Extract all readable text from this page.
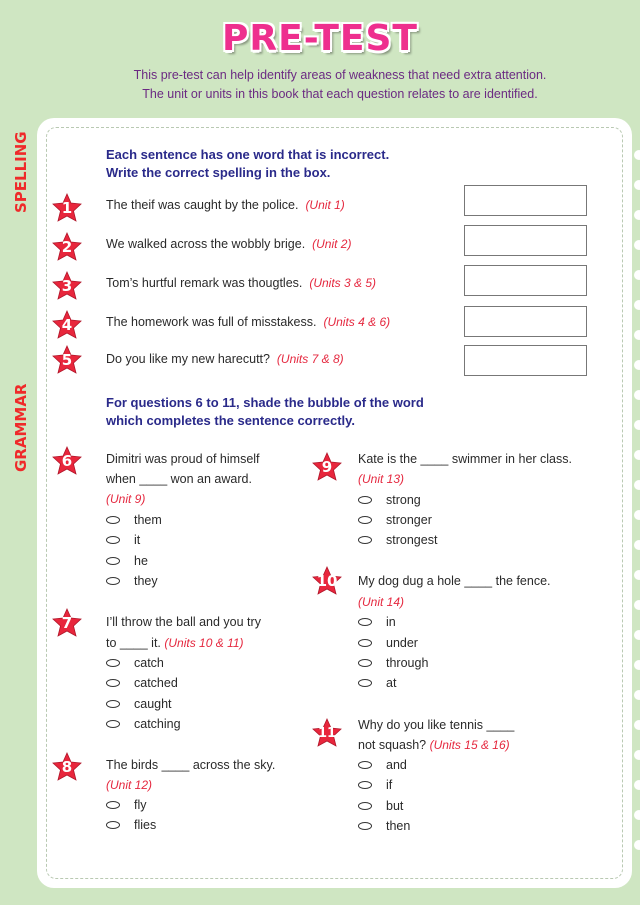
PRE-TEST
This pre-test can help identify areas of weakness that need extra attention.
The unit or units in this book that each question relates to are identified.
SPELLING
GRAMMAR
Each sentence has one word that is incorrect.
Write the correct spelling in the box.
1	The theif was caught by the police. (Unit 1)
2	We walked across the wobbly brige. (Unit 2)
3	Tom’s hurtful remark was thougtles. (Units 3 & 5)
4	The homework was full of misstakess. (Units 4 & 6)
5	Do you like my new harecutt? (Units 7 & 8)
For questions 6 to 11, shade the bubble of the word
which completes the sentence correctly.
6	Dimitri was proud of himself
when ____ won an award.
(Unit 9)
them
it
he
they
7	I’ll throw the ball and you try
to ____ it. (Units 10 & 11)
catch
catched
caught
catching
8	The birds ____ across the sky.
(Unit 12)
fly
flies
9	Kate is the ____ swimmer in her class.
(Unit 13)
strong
stronger
strongest
10	My dog dug a hole ____ the fence.
(Unit 14)
in
under
through
at
11
Why do you like tennis ____
not squash? (Units 15 & 16)
and
if
but
then
